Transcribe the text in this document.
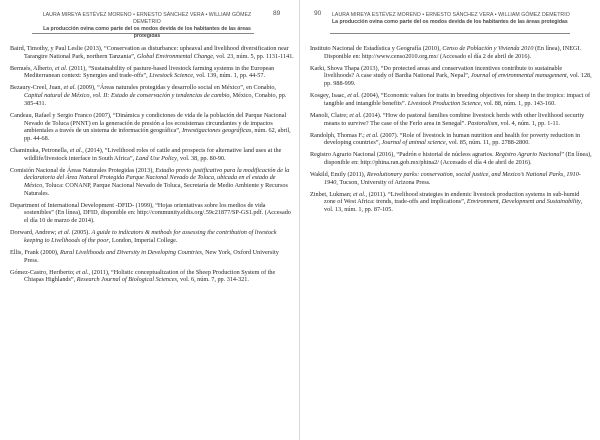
LAURA MIREYA ESTÉVEZ MORENO • ERNESTO SÁNCHEZ VERA • WILLIAM GÓMEZ DEMETRIO
La producción ovina como parte del os modos devida de los habitantes de las áreas protegidas
89

Baird, Timothy, y Paul Leslie (2013), “Conservation as disturbance: upheaval and livelihood diversification near Tarangire National Park, northern Tanzania”, Global Environmental Change, vol. 23, núm. 5, pp. 1131-1141.

Bernués, Alberto, et al. (2011), “Sustainability of pasture-based livestock farming systems in the European Mediterranean context: Synergies and trade-offs”, Livestock Science, vol. 139, núm. 1, pp. 44-57.

Bezaury-Creel, Juan, et al. (2009), “Áreas naturales protegidas y desarrollo social en México”, en Conabio, Capital natural de México, vol. II: Estado de conservación y tendencias de cambio, México, Conabio, pp. 385-431.

Candeau, Rafael y Sergio Franco (2007), “Dinámica y condiciones de vida de la población del Parque Nacional Nevado de Toluca (PNNT) en la generación de presión a los ecosistemas circundantes y de impactos ambientales a través de un sistema de información geográfica”, Investigaciones geográficas, núm. 62, abril, pp. 44-68.

Chaminuka, Petronella, et al., (2014), “Livelihood roles of cattle and prospects for alternative land uses at the wildlife/livestock interface in South Africa”, Land Use Policy, vol. 38, pp. 80-90.

Comisión Nacional de Áreas Naturales Protegidas (2013), Estudio previo justificativo para la modificación de la declaratoria del Área Natural Protegida Parque Nacional Nevado de Toluca, ubicada en el estado de México, Toluca: CONANP, Parque Nacional Nevado de Toluca, Secretaría de Medio Ambiente y Recursos Naturales.

Department of International Development -DFID- (1999), “Hojas orientativas sobre los medios de vida sostenibles” (En línea), DFID, disponible en: http://community.eldis.org/.59c21877/SP-GS1.pdf. (Accesado el día 10 de marzo de 2014).

Dorward, Andrew; et al. (2005). A guide to indicators & methods for assessing the contribution of livestock keeping to Livelihoods of the poor, London, Imperial College.

Ellis, Frank (2000), Rural Livelihoods and Diversity in Developing Countries, New York, Oxford University Press.

Gómez-Castro, Heriberto; et al., (2011), “Holistic conceptualization of the Sheep Production System of the Chiapas Highlands”, Research Journal of Biological Sciences, vol. 6, núm. 7, pp. 314-321.

90 LAURA MIREYA ESTÉVEZ MORENO • ERNESTO SÁNCHEZ VERA • WILLIAM GÓMEZ DEMETRIO
La producción ovina como parte del os modos devida de los habitantes de las áreas protegidas

Instituto Nacional de Estadística y Geografía (2010), Censo de Población y Vivienda 2010 (En línea), INEGI. Disponible en: http://www.censo2010.org.mx/ (Accesado el día 2 de abril de 2016).

Karki, Shova Thapa (2013), “Do protected areas and conservation incentives contribute to sustainable livelihoods? A case study of Bardia National Park, Nepal”, Journal of environmental management, vol. 128, pp. 988-999.

Kosgey, Isaac, et al. (2004), “Economic values for traits in breeding objectives for sheep in the tropics: impact of tangible and intangible benefits”. Livestock Production Science, vol. 88, núm. 1, pp. 143-160.

Manoli, Claire; et al. (2014). “How do pastoral families combine livestock herds with other livelihood security means to survive? The case of the Ferlo area in Senegal”. Pastoralism, vol. 4, núm. 1, pp. 1-11.

Randolph, Thomas F.; et al. (2007). “Role of livestock in human nutrition and health for poverty reduction in developing countries”, Journal of animal science, vol. 85, núm. 11, pp. 2788-2800.

Registro Agrario Nacional (2016), “Padrón e historial de núcleos agrarios. Registro Agrario Nacional” (En línea), disponible en: http://phina.ran.gob.mx/phina2/ (Accesado el día 4 de abril de 2016).

Wakild, Emily (2011), Revolutionary parks: conservation, social justice, and Mexico’s National Parks, 1910-1940, Tucson, University of Arizona Press.

Zinbet, Lukman; et al., (2011). “Livelihood strategies in endemic livestock production systems in sub-humid zone of West Africa: trends, trade-offs and implications”, Environment, Development and Sustainability, vol. 13, núm. 1, pp. 87-105.
